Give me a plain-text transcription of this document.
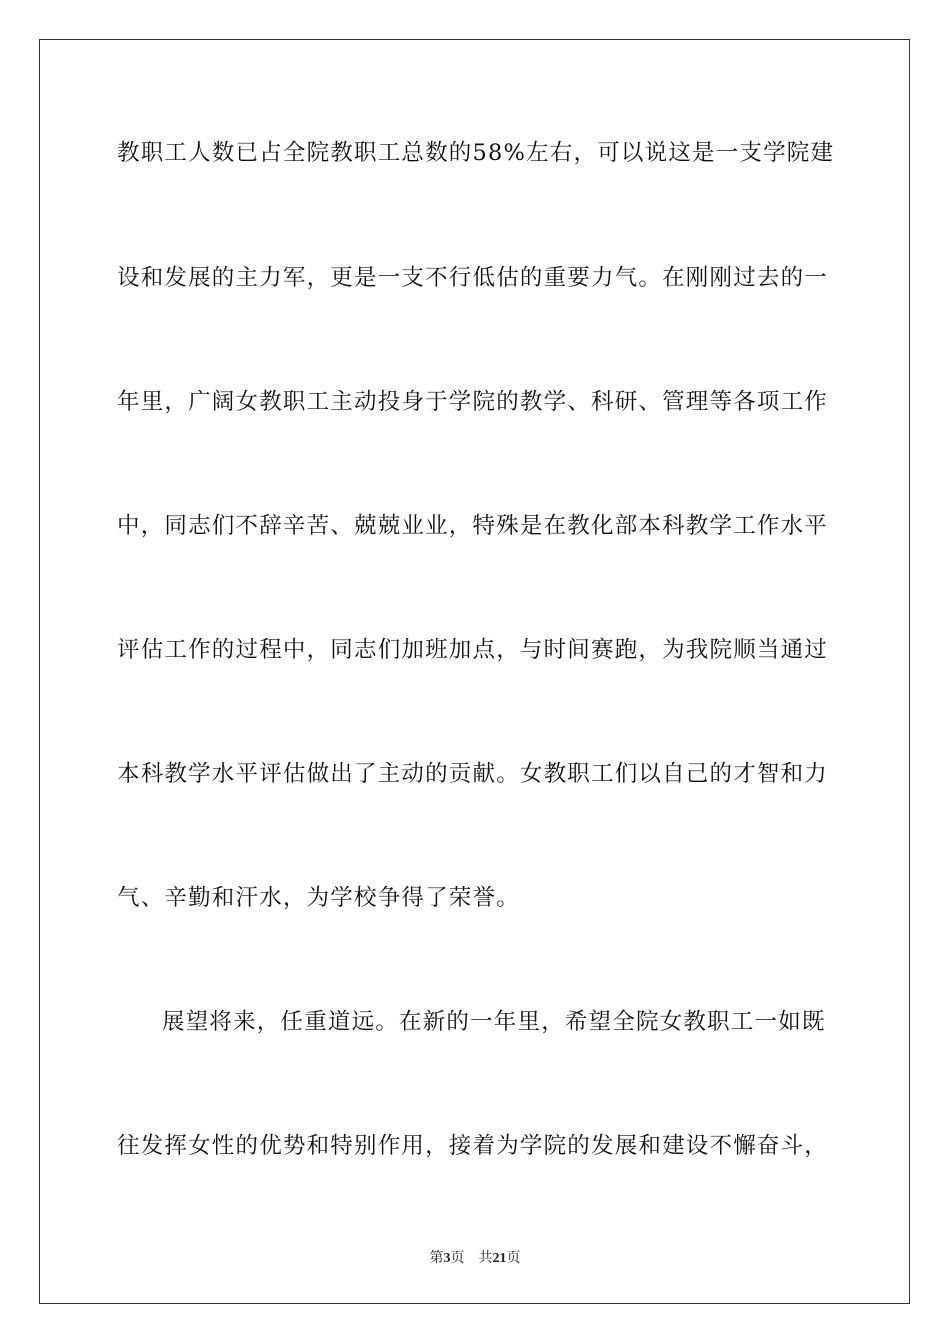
教职工人数已占全院教职工总数的58%左右，可以说这是一支学院建
设和发展的主力军，更是一支不行低估的重要力气。在刚刚过去的一
年里，广阔女教职工主动投身于学院的教学、科研、管理等各项工作
中，同志们不辞辛苦、兢兢业业，特殊是在教化部本科教学工作水平
评估工作的过程中，同志们加班加点，与时间赛跑，为我院顺当通过
本科教学水平评估做出了主动的贡献。女教职工们以自己的才智和力
气、辛勤和汗水，为学校争得了荣誉。
展望将来，任重道远。在新的一年里，希望全院女教职工一如既
往发挥女性的优势和特别作用，接着为学院的发展和建设不懈奋斗，
第3页 共21页
